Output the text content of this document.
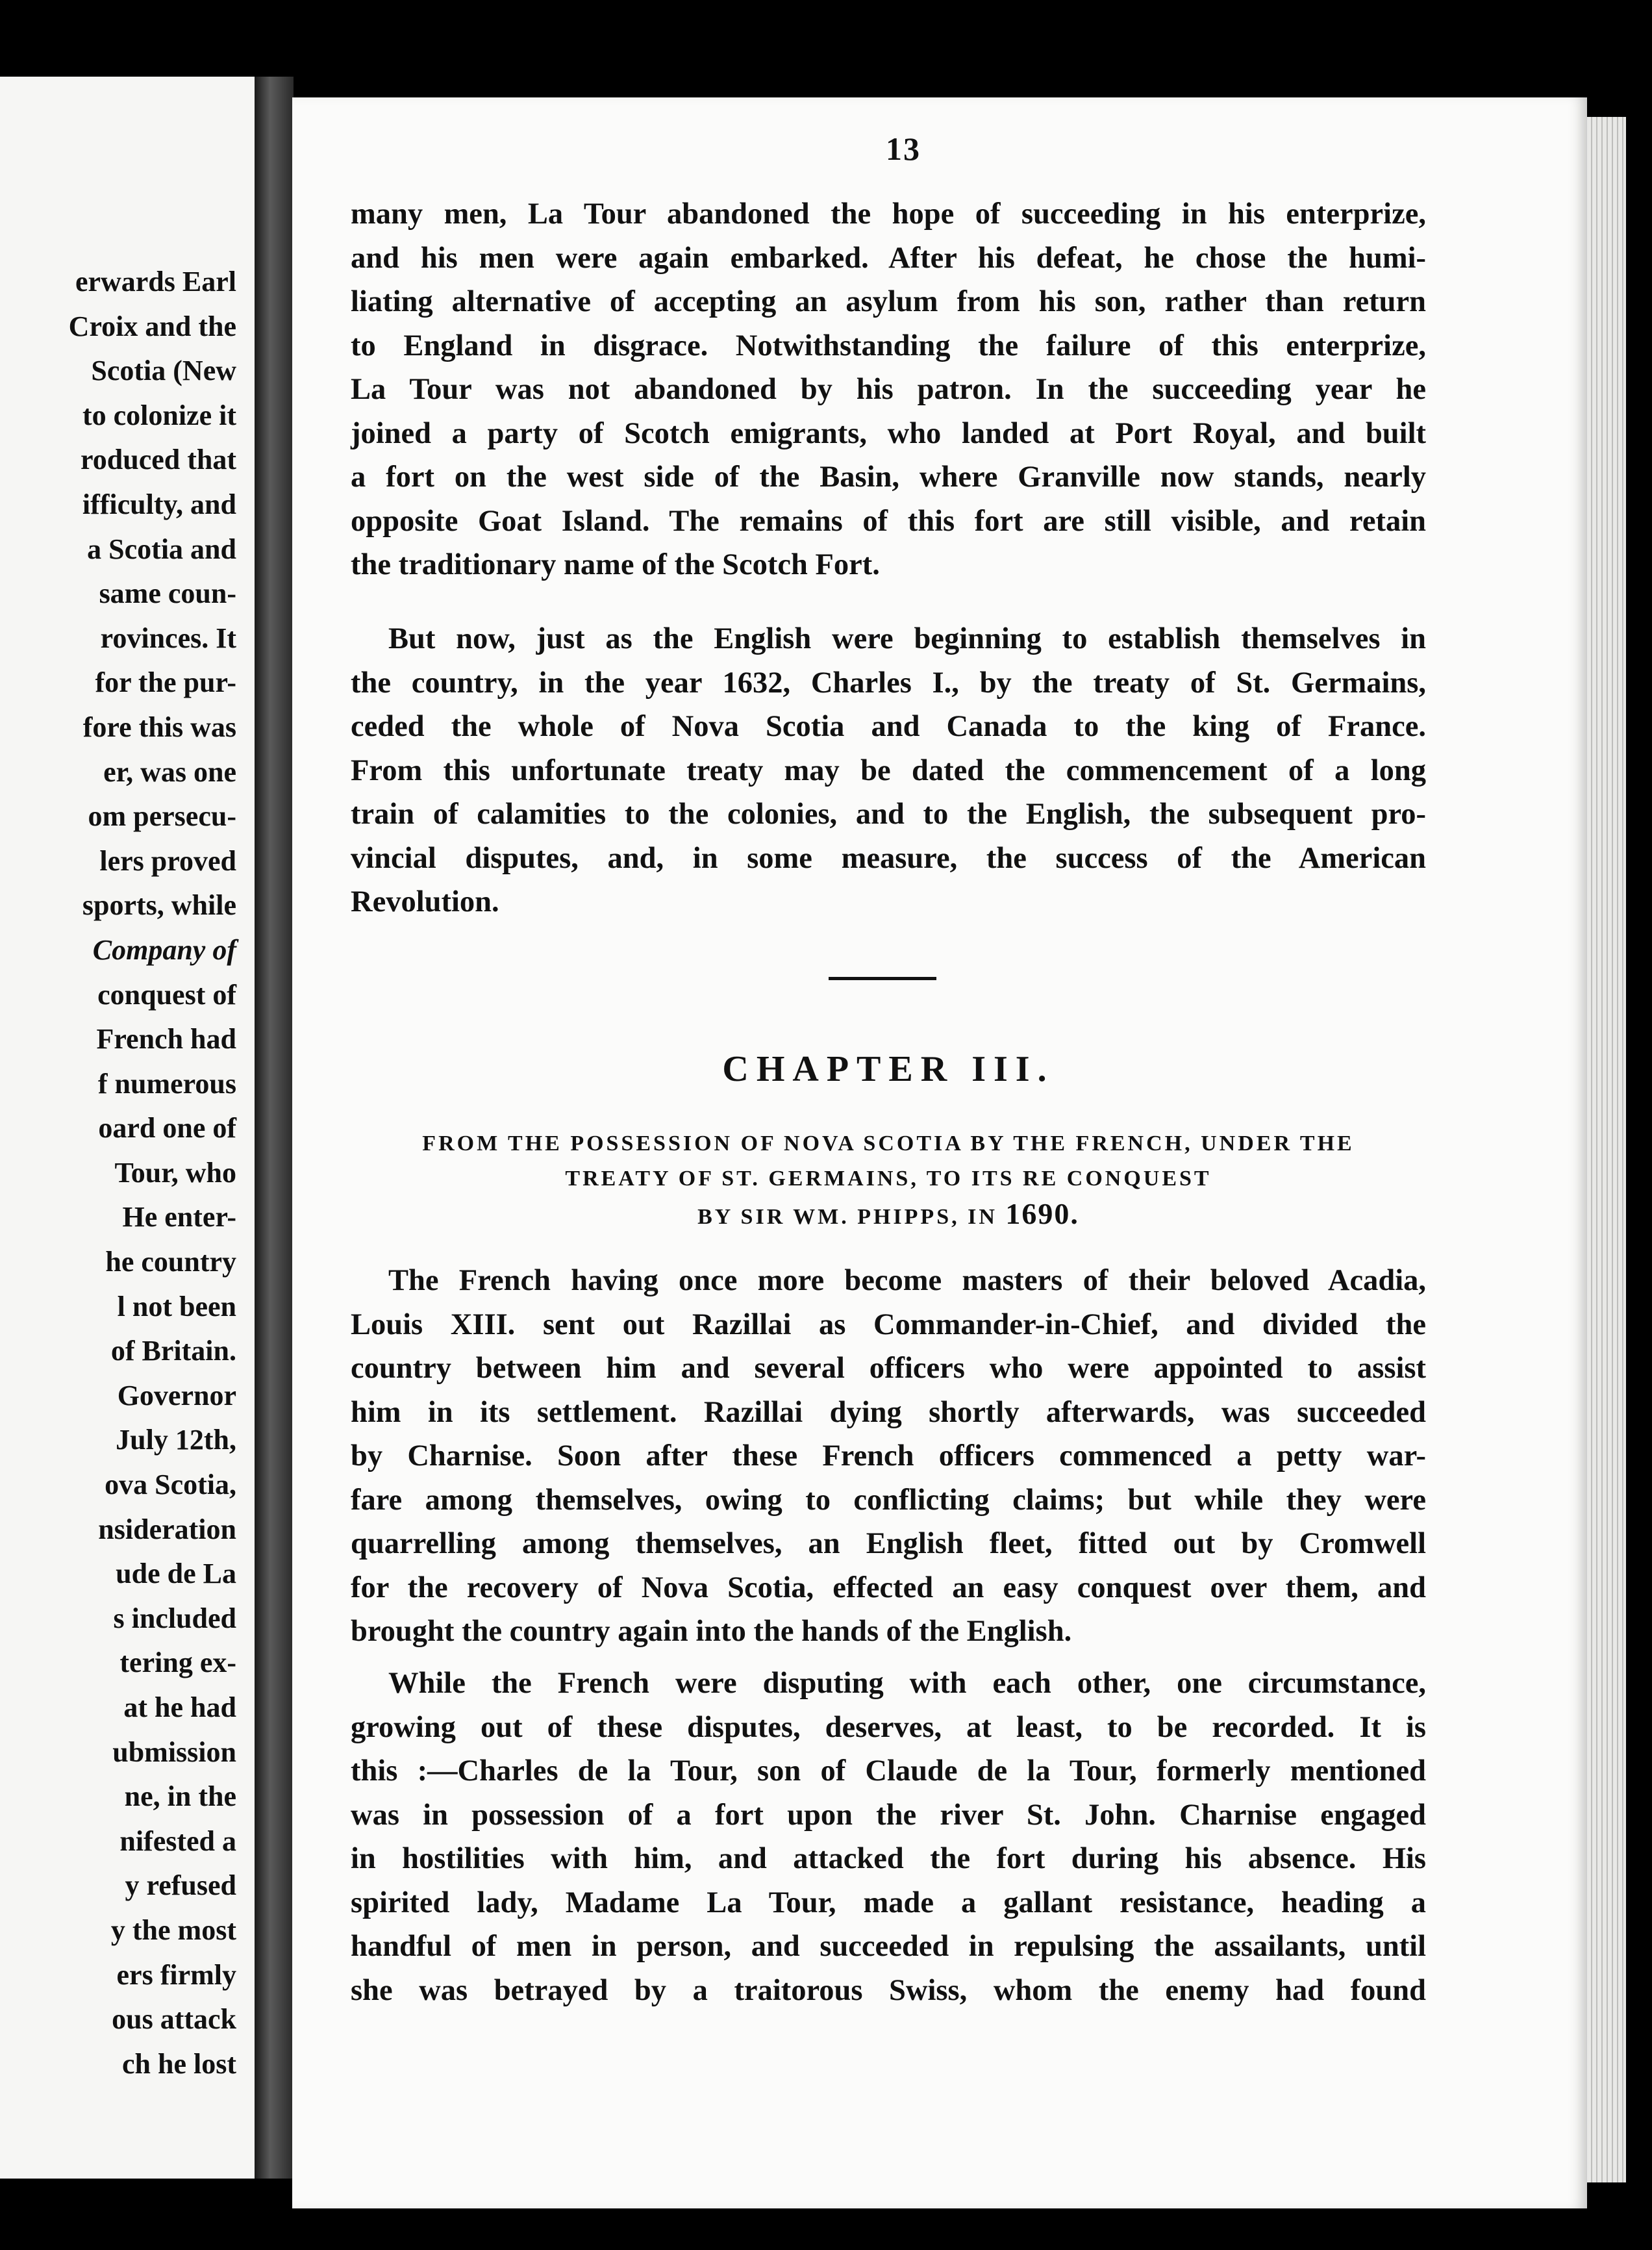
erwards Earl
Croix and the
Scotia (New
to colonize it
roduced that
ifficulty, and
a Scotia and
same coun-
rovinces. It
for the pur-
fore this was
er, was one
om persecu-
lers proved
sports, while
Company of
conquest of
French had
f numerous
oard one of
Tour, who
He enter-
he country
l not been
of Britain.
Governor
July 12th,
ova Scotia,
nsideration
ude de La
s included
tering ex-
at he had
ubmission
ne, in the
nifested a
y refused
y the most
ers firmly
ous attack
ch he lost
13

many men, La Tour abandoned the hope of succeeding in his enterprize,
and his men were again embarked. After his defeat, he chose the humi-
liating alternative of accepting an asylum from his son, rather than return
to England in disgrace. Notwithstanding the failure of this enterprize,
La Tour was not abandoned by his patron. In the succeeding year he
joined a party of Scotch emigrants, who landed at Port Royal, and built
a fort on the west side of the Basin, where Granville now stands, nearly
opposite Goat Island. The remains of this fort are still visible, and retain
the traditionary name of the Scotch Fort.

But now, just as the English were beginning to establish themselves in
the country, in the year 1632, Charles I., by the treaty of St. Germains,
ceded the whole of Nova Scotia and Canada to the king of France.
From this unfortunate treaty may be dated the commencement of a long
train of calamities to the colonies, and to the English, the subsequent pro-
vincial disputes, and, in some measure, the success of the American
Revolution.

CHAPTER III.
FROM THE POSSESSION OF NOVA SCOTIA BY THE FRENCH, UNDER THE
TREATY OF ST. GERMAINS, TO ITS RE CONQUEST
BY SIR WM. PHIPPS, IN 1690.

The French having once more become masters of their beloved Acadia,
Louis XIII. sent out Razillai as Commander-in-Chief, and divided the
country between him and several officers who were appointed to assist
him in its settlement. Razillai dying shortly afterwards, was succeeded
by Charnise. Soon after these French officers commenced a petty war-
fare among themselves, owing to conflicting claims; but while they were
quarrelling among themselves, an English fleet, fitted out by Cromwell
for the recovery of Nova Scotia, effected an easy conquest over them, and
brought the country again into the hands of the English.

While the French were disputing with each other, one circumstance,
growing out of these disputes, deserves, at least, to be recorded. It is
this :—Charles de la Tour, son of Claude de la Tour, formerly mentioned
was in possession of a fort upon the river St. John. Charnise engaged
in hostilities with him, and attacked the fort during his absence. His
spirited lady, Madame La Tour, made a gallant resistance, heading a
handful of men in person, and succeeded in repulsing the assailants, until
she was betrayed by a traitorous Swiss, whom the enemy had found
